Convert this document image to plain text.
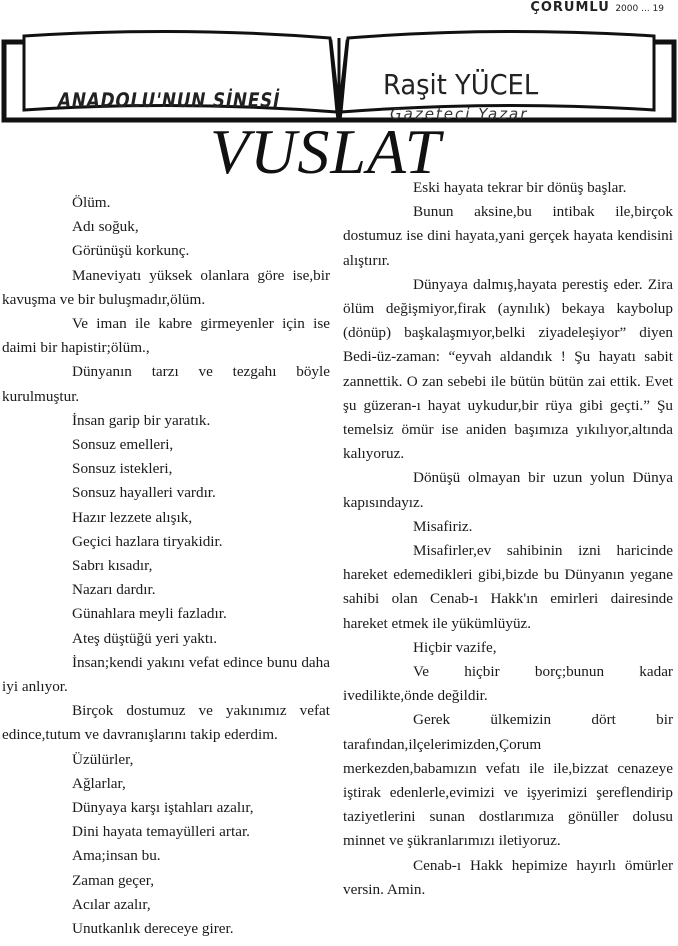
ÇORUMLU 2000 ... 19
ANADOLU'NUN SİNESİ	Raşit YÜCEL
Gazeteci Yazar
VUSLAT

Ölüm.

Adı soğuk,

Görünüşü korkunç.

Maneviyatı yüksek olanlara göre ise,bir kavuşma ve bir buluşmadır,ölüm.

Ve iman ile kabre girmeyenler için ise daimi bir hapistir;ölüm.,

Dünyanın tarzı ve tezgahı böyle kurulmuştur.

İnsan garip bir yaratık.

Sonsuz emelleri,

Sonsuz istekleri,

Sonsuz hayalleri vardır.

Hazır lezzete alışık,

Geçici hazlara tiryakidir.

Sabrı kısadır,

Nazarı dardır.

Günahlara meyli fazladır.

Ateş düştüğü yeri yaktı.

İnsan;kendi yakını vefat edince bunu daha iyi anlıyor.

Birçok dostumuz ve yakınımız vefat edince,tutum ve davranışlarını takip ederdim.

Üzülürler,

Ağlarlar,

Dünyaya karşı iştahları azalır,

Dini hayata temayülleri artar.

Ama;insan bu.

Zaman geçer,

Acılar azalır,

Unutkanlık dereceye girer.

Eski hayata tekrar bir dönüş başlar.

Bunun aksine,bu intibak ile,birçok dostumuz ise dini hayata,yani gerçek hayata kendisini alıştırır.

Dünyaya dalmış,hayata perestiş eder. Zira ölüm değişmiyor,firak (aynılık) bekaya kaybolup (dönüp) başkalaşmıyor,belki ziyadeleşiyor” diyen Bedi-üz-zaman: “eyvah aldandık ! Şu hayatı sabit zannettik. O zan sebebi ile bütün bütün zai ettik. Evet şu güzeran-ı hayat uykudur,bir rüya gibi geçti.” Şu temelsiz ömür ise aniden başımıza yıkılıyor,altında kalıyoruz.

Dönüşü olmayan bir uzun yolun Dünya kapısındayız.

Misafiriz.

Misafirler,ev sahibinin izni haricinde hareket edemedikleri gibi,bizde bu Dünyanın yegane sahibi olan Cenab-ı Hakk'ın emirleri dairesinde hareket etmek ile yükümlüyüz.

Hiçbir vazife,

Ve hiçbir borç;bunun kadar ivedilikte,önde değildir.

Gerek ülkemizin dört bir tarafından,ilçelerimizden,Çorum merkezden,babamızın vefatı ile ile,bizzat cenazeye iştirak edenlerle,evimizi ve işyerimizi şereflendirip taziyetlerini sunan dostlarımıza gönüller dolusu minnet ve şükranlarımızı iletiyoruz.

Cenab-ı Hakk hepimize hayırlı ömürler versin. Amin.
